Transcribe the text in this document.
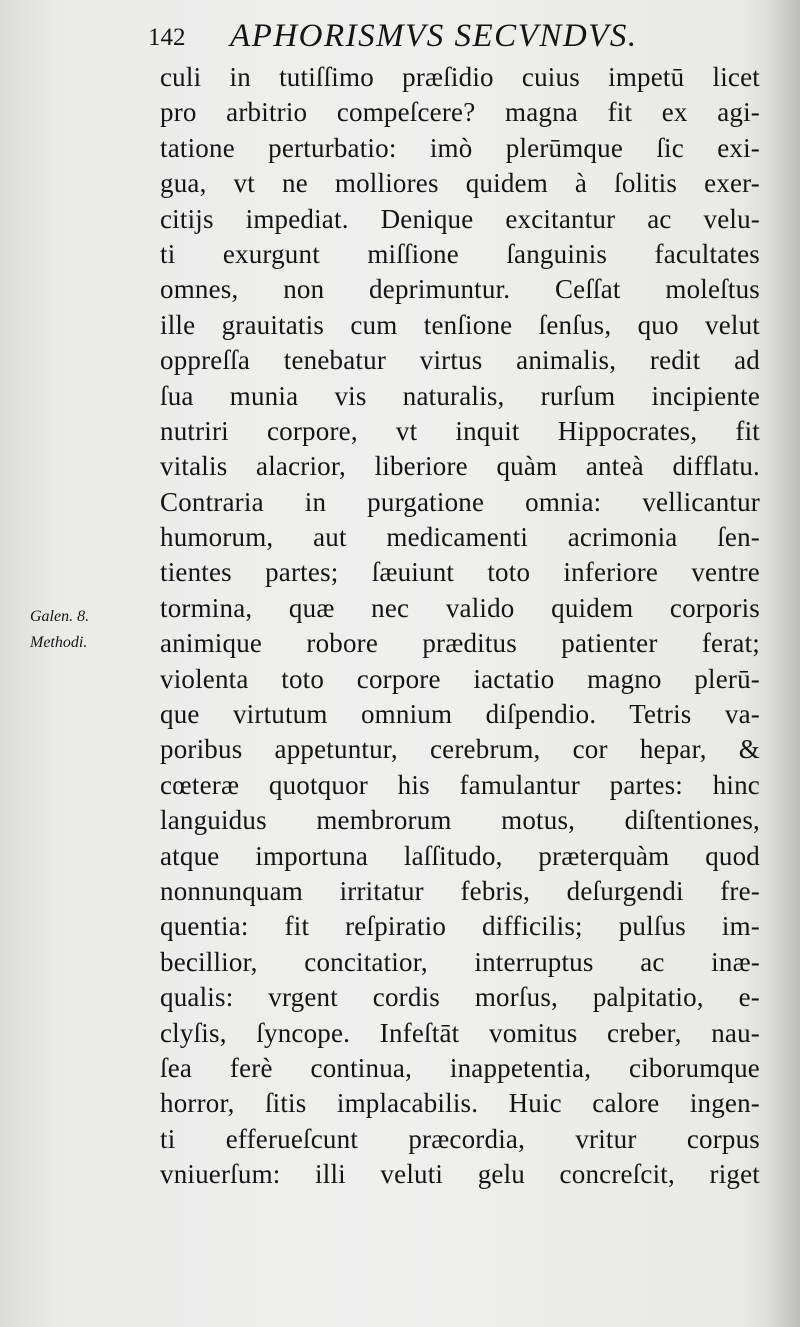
142 APHORISMVS SECVNDVS.
Galen. 8.
Methodi.
culi in tutiſſimo præſidio cuius impetū licet
pro arbitrio compeſcere? magna fit ex agi-
tatione perturbatio: imò plerūmque ſic exi-
gua, vt ne molliores quidem à ſolitis exer-
citijs impediat. Denique excitantur ac velu-
ti exurgunt miſſione ſanguinis facultates
omnes, non deprimuntur. Ceſſat moleſtus
ille grauitatis cum tenſione ſenſus, quo velut
oppreſſa tenebatur virtus animalis, redit ad
ſua munia vis naturalis, rurſum incipiente
nutriri corpore, vt inquit Hippocrates, fit
vitalis alacrior, liberiore quàm anteà difflatu.
Contraria in purgatione omnia: vellicantur
humorum, aut medicamenti acrimonia ſen-
tientes partes; ſæuiunt toto inferiore ventre
tormina, quæ nec valido quidem corporis
animique robore præditus patienter ferat;
violenta toto corpore iactatio magno plerū-
que virtutum omnium diſpendio. Tetris va-
poribus appetuntur, cerebrum, cor hepar, &
cœteræ quotquor his famulantur partes: hinc
languidus membrorum motus, diſtentiones,
atque importuna laſſitudo, præterquàm quod
nonnunquam irritatur febris, deſurgendi fre-
quentia: fit reſpiratio difficilis; pulſus im-
becillior, concitatior, interruptus ac inæ-
qualis: vrgent cordis morſus, palpitatio, e-
clyſis, ſyncope. Infeſtāt vomitus creber, nau-
ſea ferè continua, inappetentia, ciborumque
horror, ſitis implacabilis. Huic calore ingen-
ti efferueſcunt præcordia, vritur corpus
vniuerſum: illi veluti gelu concreſcit, riget
